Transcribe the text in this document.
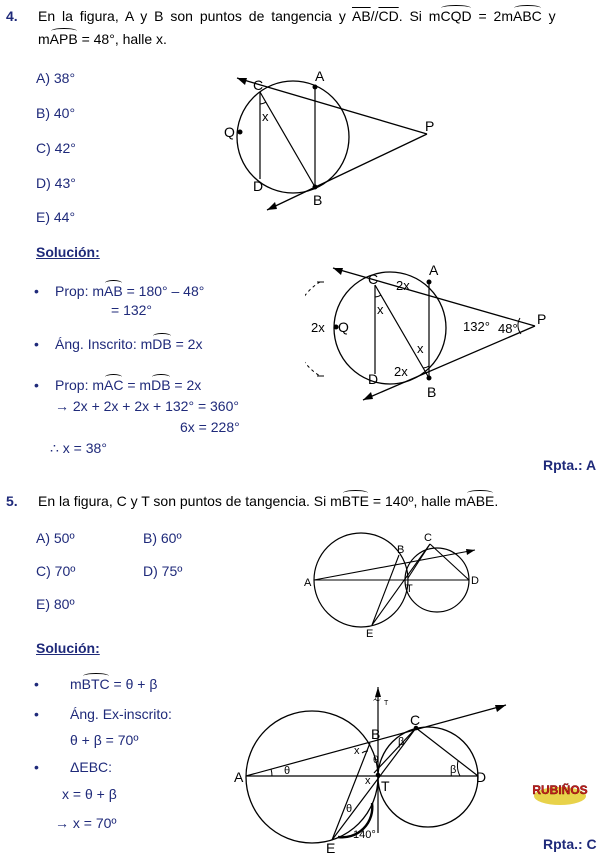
4. En la figura, A y B son puntos de tangencia y $\overline{AB}//\overline{CD}$. Si mCQD = 2mABC y
mAPB = 48°, halle x.
A) 38°
B) 40°
C) 42°
D) 43°
E) 44°
A
B
C
D
Q	P
x
Solución:
• Prop: mAB = 180° – 48°
= 132°
• Áng. Inscrito: mDB = 2x
• Prop: mAC = mDB = 2x
→ 2x + 2x + 2x + 132° = 360°
6x = 228°
∴ x = 38°
A
B
C
D
Q	P
x
x
2x
2x
2x	132° 48°
Rpta.: A
5. En la figura, C y T son puntos de tangencia. Si mBTE = 140º, halle mABE.
A) 50º	B) 60º
C) 70º	D) 75º
E) 80º
A
B
C
D
T
E
Solución:
• mBTC = θ + β
• Áng. Ex-inscrito:
θ + β = 70º
• ΔEBC:
x = θ + β
→ x = 70º
ℒ T
A
B
C
D
T
E
x
x
θ
θ
θ
β
β
140°
RUBIÑOS
Rpta.: C
